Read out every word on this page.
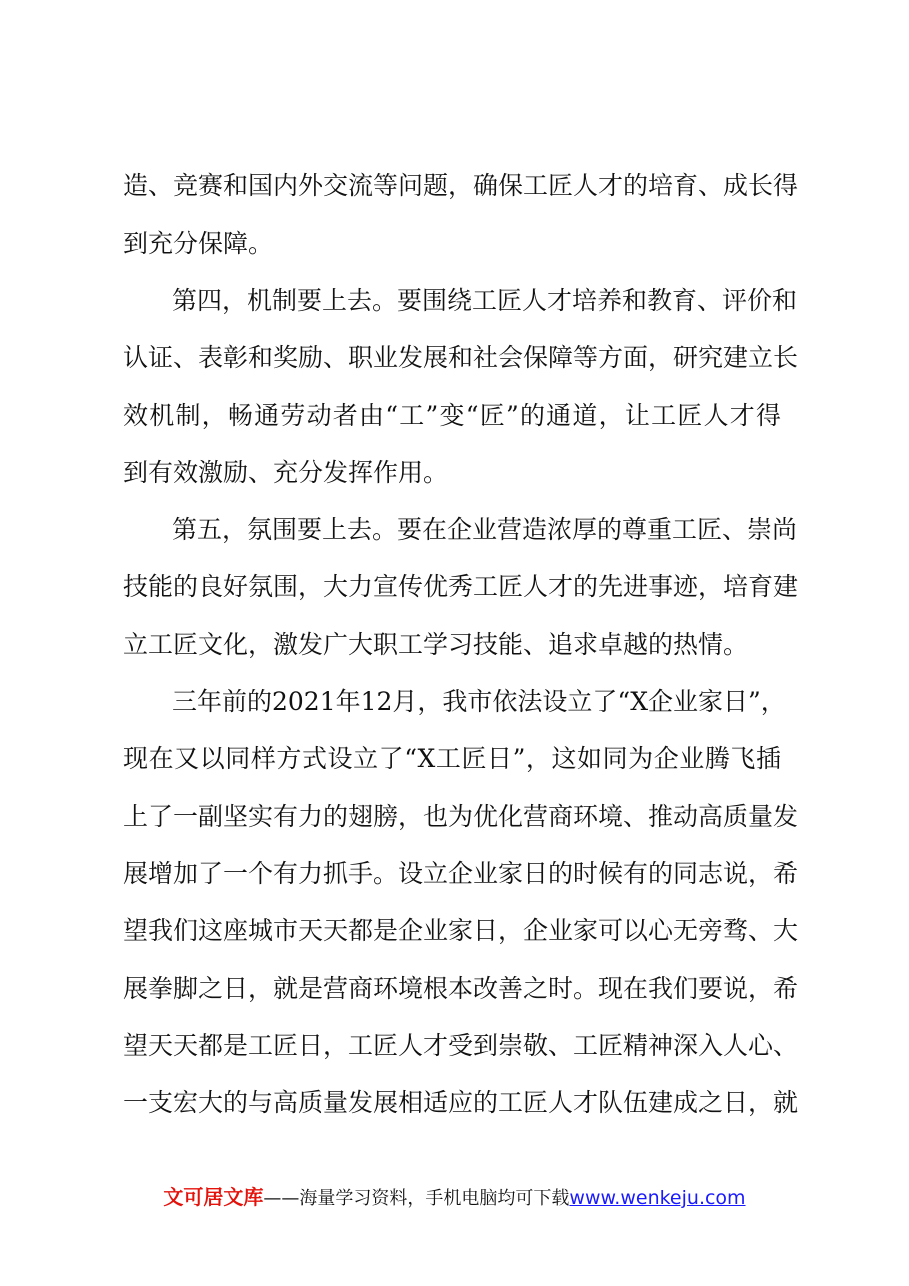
造、竞赛和国内外交流等问题，确保工匠人才的培育、成长得
到充分保障。
第四，机制要上去。要围绕工匠人才培养和教育、评价和
认证、表彰和奖励、职业发展和社会保障等方面，研究建立长
效机制，畅通劳动者由“工”变“匠”的通道，让工匠人才得
到有效激励、充分发挥作用。
第五，氛围要上去。要在企业营造浓厚的尊重工匠、崇尚
技能的良好氛围，大力宣传优秀工匠人才的先进事迹，培育建
立工匠文化，激发广大职工学习技能、追求卓越的热情。
三年前的2021年12月，我市依法设立了“X企业家日”，
现在又以同样方式设立了“X工匠日”，这如同为企业腾飞插
上了一副坚实有力的翅膀，也为优化营商环境、推动高质量发
展增加了一个有力抓手。设立企业家日的时候有的同志说，希
望我们这座城市天天都是企业家日，企业家可以心无旁骛、大
展拳脚之日，就是营商环境根本改善之时。现在我们要说，希
望天天都是工匠日，工匠人才受到崇敬、工匠精神深入人心、
一支宏大的与高质量发展相适应的工匠人才队伍建成之日，就
文可居文库——海量学习资料，手机电脑均可下载www.wenkeju.com
